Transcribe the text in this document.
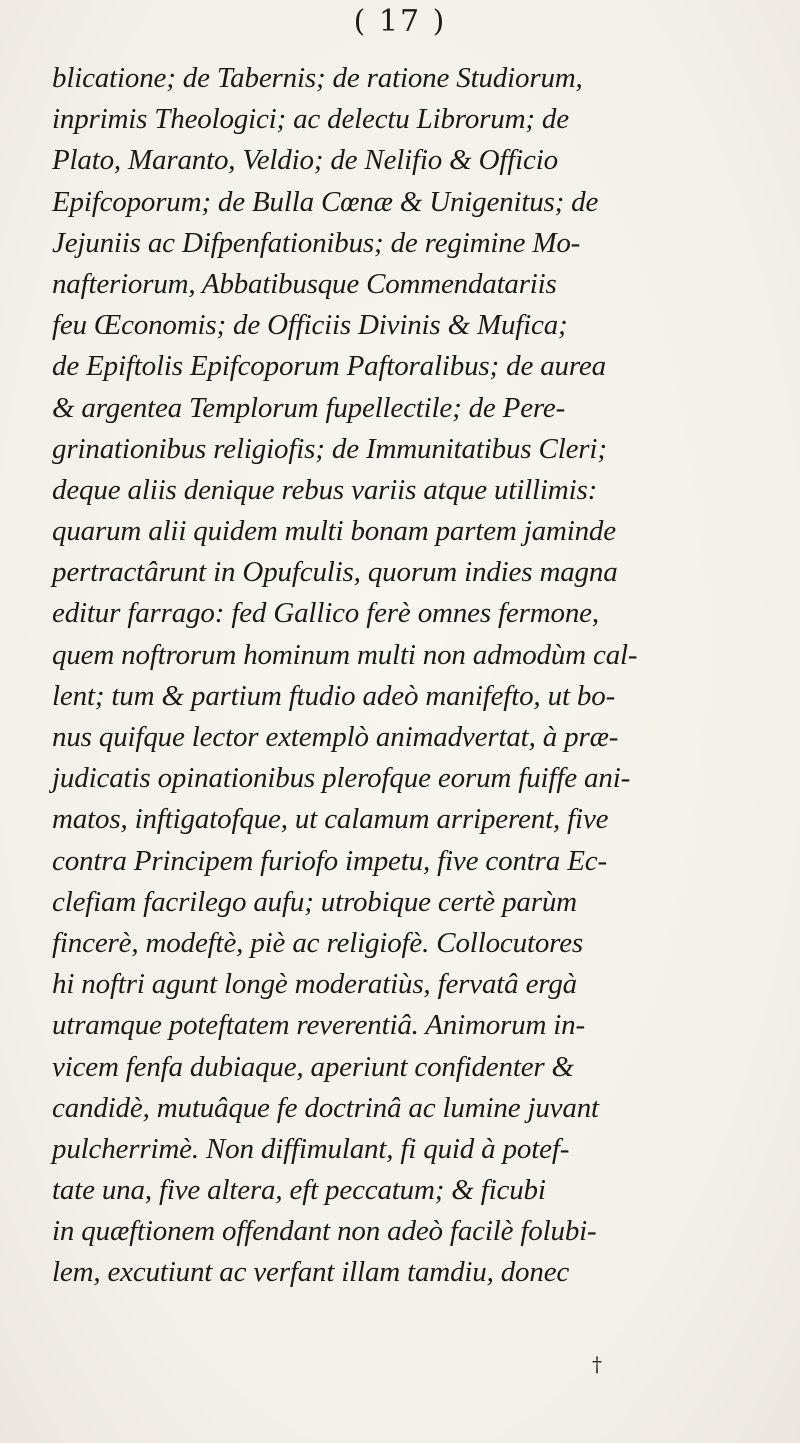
( 17 )
blicatione; de Tabernis; de ratione Studiorum,
inprimis Theologici; ac delectu Librorum; de
Plato, Maranto, Veldio; de Nelifio & Officio
Epifcoporum; de Bulla Cœnæ & Unigenitus; de
Jejuniis ac Difpenfationibus; de regimine Mo-
nafteriorum, Abbatibusque Commendatariis
feu Œconomis; de Officiis Divinis & Mufica;
de Epiftolis Epifcoporum Paftoralibus; de aurea
& argentea Templorum fupellectile; de Pere-
grinationibus religiofis; de Immunitatibus Cleri;
deque aliis denique rebus variis atque utillimis:
quarum alii quidem multi bonam partem jaminde
pertractârunt in Opufculis, quorum indies magna
editur farrago: fed Gallico ferè omnes fermone,
quem noftrorum hominum multi non admodùm cal-
lent; tum & partium ftudio adeò manifefto, ut bo-
nus quifque lector extemplò animadvertat, à præ-
judicatis opinationibus plerofque eorum fuiffe ani-
matos, inftigatofque, ut calamum arriperent, five
contra Principem furiofo impetu, five contra Ec-
clefiam facrilego aufu; utrobique certè parùm
fincerè, modeftè, piè ac religiofè. Collocutores
hi noftri agunt longè moderatiùs, fervatâ ergà
utramque poteftatem reverentiâ. Animorum in-
vicem fenfa dubiaque, aperiunt confidenter &
candidè, mutuâque fe doctrinâ ac lumine juvant
pulcherrimè. Non diffimulant, fi quid à potef-
tate una, five altera, eft peccatum; & ficubi
in quæftionem offendant non adeò facilè folubi-
lem, excutiunt ac verfant illam tamdiu, donec
†
